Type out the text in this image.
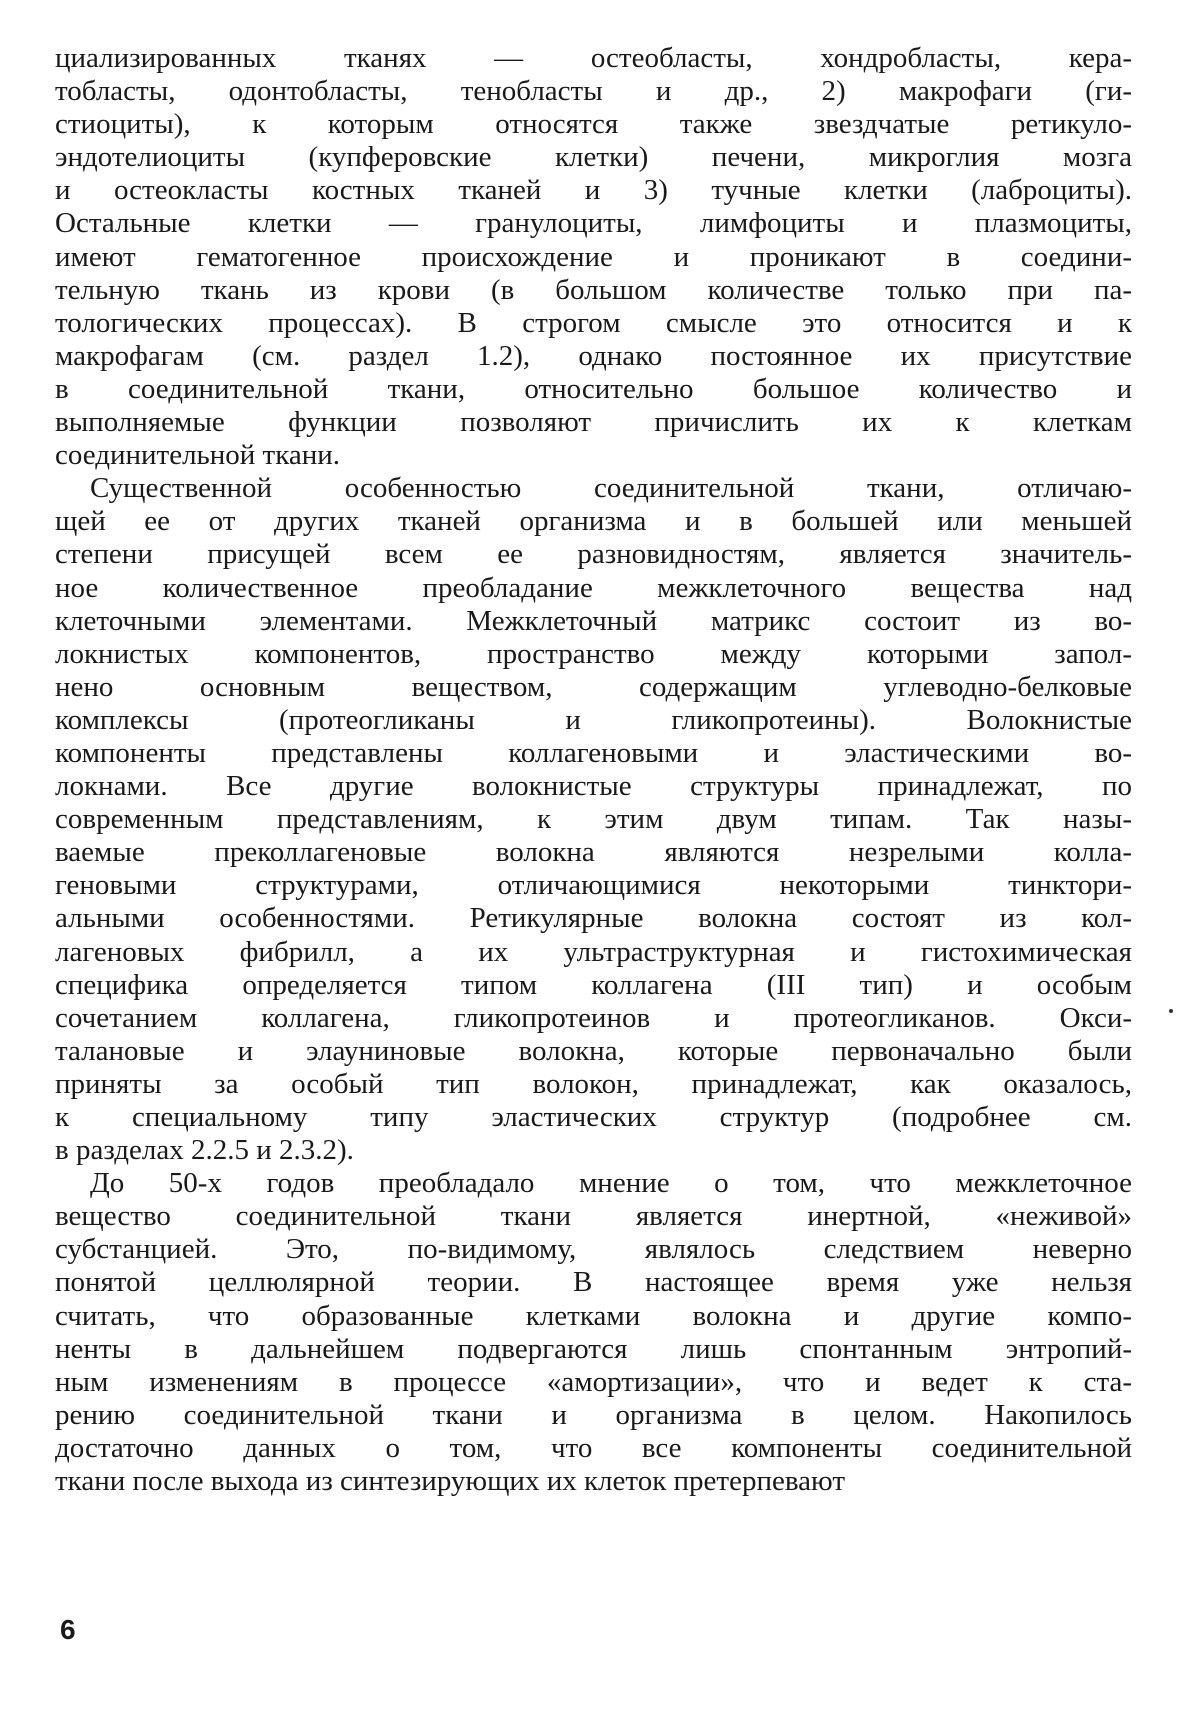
циализированных тканях — остеобласты, хондробласты, кера-
тобласты, одонтобласты, тенобласты и др., 2) макрофаги (ги-
стиоциты), к которым относятся также звездчатые ретикуло-
эндотелиоциты (купферовские клетки) печени, микроглия мозга
и остеокласты костных тканей и 3) тучные клетки (лаброциты).
Остальные клетки — гранулоциты, лимфоциты и плазмоциты,
имеют гематогенное происхождение и проникают в соедини-
тельную ткань из крови (в большом количестве только при па-
тологических процессах). В строгом смысле это относится и к
макрофагам (см. раздел 1.2), однако постоянное их присутствие
в соединительной ткани, относительно большое количество и
выполняемые функции позволяют причислить их к клеткам
соединительной ткани.
Существенной особенностью соединительной ткани, отличаю-
щей ее от других тканей организма и в большей или меньшей
степени присущей всем ее разновидностям, является значитель-
ное количественное преобладание межклеточного вещества над
клеточными элементами. Межклеточный матрикс состоит из во-
локнистых компонентов, пространство между которыми запол-
нено основным веществом, содержащим углеводно-белковые
комплексы (протеогликаны и гликопротеины). Волокнистые
компоненты представлены коллагеновыми и эластическими во-
локнами. Все другие волокнистые структуры принадлежат, по
современным представлениям, к этим двум типам. Так назы-
ваемые преколлагеновые волокна являются незрелыми колла-
геновыми структурами, отличающимися некоторыми тинктори-
альными особенностями. Ретикулярные волокна состоят из кол-
лагеновых фибрилл, а их ультраструктурная и гистохимическая
специфика определяется типом коллагена (III тип) и особым
сочетанием коллагена, гликопротеинов и протеогликанов. Окси-
талановые и элауниновые волокна, которые первоначально были
приняты за особый тип волокон, принадлежат, как оказалось,
к специальному типу эластических структур (подробнее см.
в разделах 2.2.5 и 2.3.2).
До 50-х годов преобладало мнение о том, что межклеточное
вещество соединительной ткани является инертной, «неживой»
субстанцией. Это, по-видимому, являлось следствием неверно
понятой целлюлярной теории. В настоящее время уже нельзя
считать, что образованные клетками волокна и другие компо-
ненты в дальнейшем подвергаются лишь спонтанным энтропий-
ным изменениям в процессе «амортизации», что и ведет к ста-
рению соединительной ткани и организма в целом. Накопилось
достаточно данных о том, что все компоненты соединительной
ткани после выхода из синтезирующих их клеток претерпевают
6
